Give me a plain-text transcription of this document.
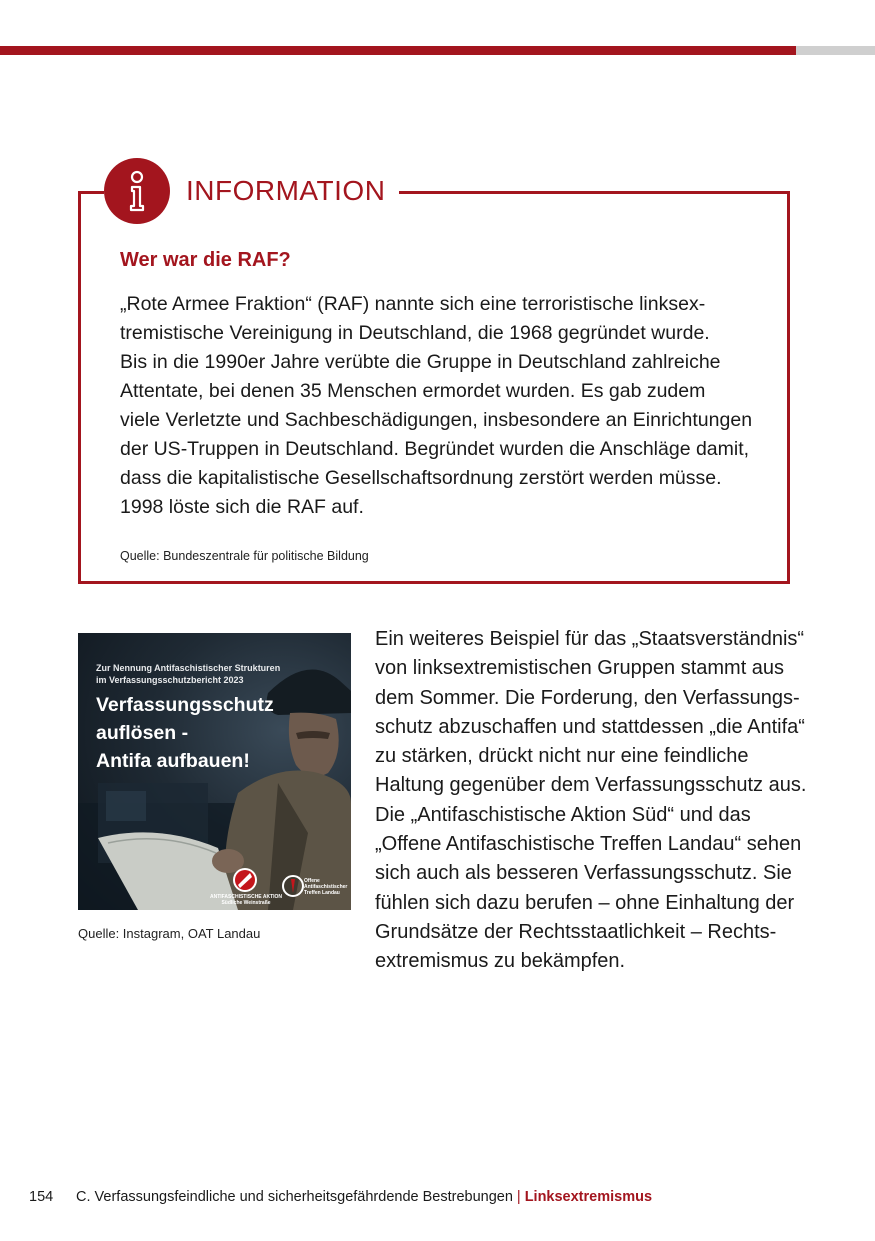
INFORMATION
Wer war die RAF?
„Rote Armee Fraktion“ (RAF) nannte sich eine terroristische linksex-
tremistische Vereinigung in Deutschland, die 1968 gegründet wurde.
Bis in die 1990er Jahre verübte die Gruppe in Deutschland zahlreiche
Attentate, bei denen 35 Menschen ermordet wurden. Es gab zudem
viele Verletzte und Sachbeschädigungen, insbesondere an Einrichtungen
der US-Truppen in Deutschland. Begründet wurden die Anschläge damit,
dass die kapitalistische Gesellschaftsordnung zerstört werden müsse.
1998 löste sich die RAF auf.
Quelle: Bundeszentrale für politische Bildung
Zur Nennung Antifaschistischer Strukturen
im Verfassungsschutzbericht 2023
Verfassungsschutz
auflösen -
Antifa aufbauen!
ANTIFASCHISTISCHE AKTION
Südliche Weinstraße
Offene
Antifaschistischer
Treffen Landau
Quelle: Instagram, OAT Landau
Ein weiteres Beispiel für das „Staatsverständnis“
von linksextremistischen Gruppen stammt aus
dem Sommer. Die Forderung, den Verfassungs-
schutz abzuschaffen und stattdessen „die Antifa“
zu stärken, drückt nicht nur eine feindliche
Haltung gegenüber dem Verfassungsschutz aus.
Die „Antifaschistische Aktion Süd“ und das
„Offene Antifaschistische Treffen Landau“ sehen
sich auch als besseren Verfassungsschutz. Sie
fühlen sich dazu berufen – ohne Einhaltung der
Grundsätze der Rechtsstaatlichkeit – Rechts-
extremismus zu bekämpfen.
154	C. Verfassungsfeindliche und sicherheitsgefährdende Bestrebungen | Linksextremismus
